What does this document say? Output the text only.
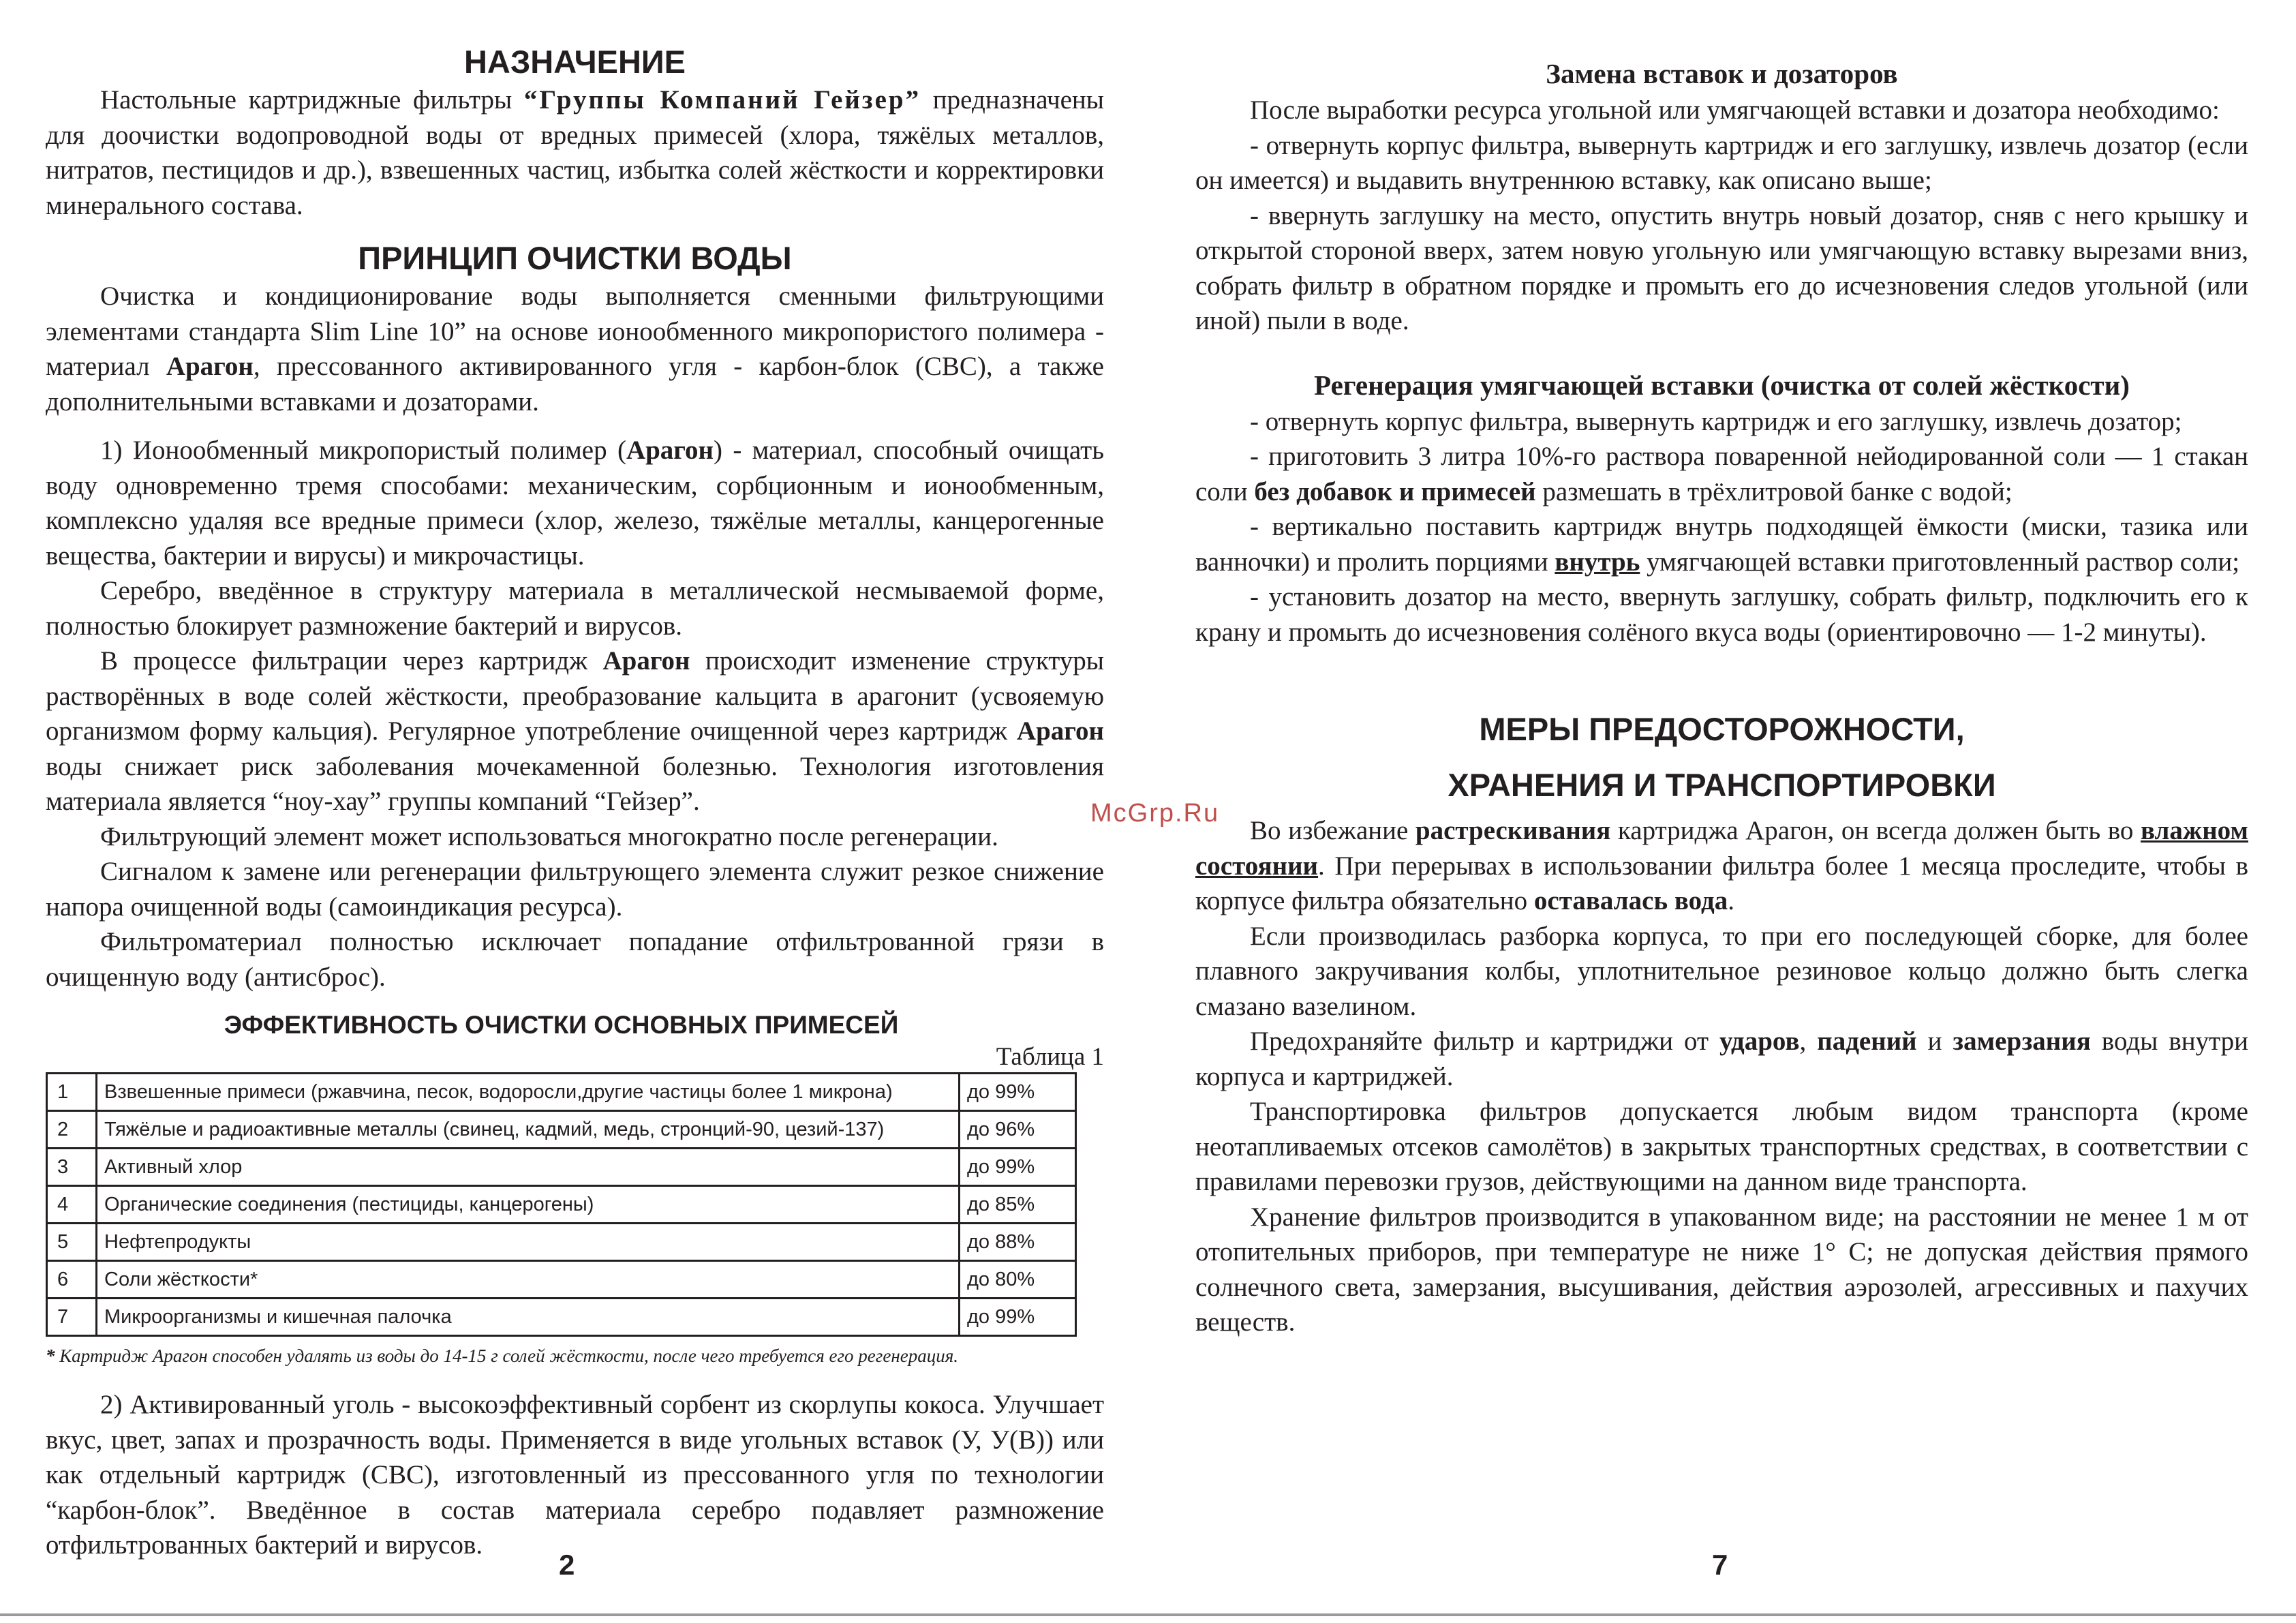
НАЗНАЧЕНИЕ

Настольные картриджные фильтры “Группы Компаний Гейзер” предназначены для доочистки водопроводной воды от вредных примесей (хлора, тяжёлых металлов, нитратов, пестицидов и др.), взвешенных частиц, избытка солей жёсткости и корректировки минерального состава.

ПРИНЦИП ОЧИСТКИ ВОДЫ

Очистка и кондиционирование воды выполняется сменными фильтрующими элементами стандарта Slim Line 10” на основе ионообменного микропористого полимера - материал Арагон, прессованного активированного угля - карбон-блок (CBC), а также дополнительными вставками и дозаторами.

1) Ионообменный микропористый полимер (Арагон) - материал, способный очищать воду одновременно тремя способами: механическим, сорбционным и ионообменным, комплексно удаляя все вредные примеси (хлор, железо, тяжёлые металлы, канцерогенные вещества, бактерии и вирусы) и микрочастицы.

Серебро, введённое в структуру материала в металлической несмываемой форме, полностью блокирует размножение бактерий и вирусов.

В процессе фильтрации через картридж Арагон происходит изменение структуры растворённых в воде солей жёсткости, преобразование кальцита в арагонит (усвояемую организмом форму кальция). Регулярное употребление очищенной через картридж Арагон воды снижает риск заболевания мочекаменной болезнью. Технология изготовления материала является “ноу-хау” группы компаний “Гейзер”.

Фильтрующий элемент может использоваться многократно после регенерации.

Сигналом к замене или регенерации фильтрующего элемента служит резкое снижение напора очищенной воды (самоиндикация ресурса).

Фильтроматериал полностью исключает попадание отфильтрованной грязи в очищенную воду (антисброс).

ЭФФЕКТИВНОСТЬ ОЧИСТКИ ОСНОВНЫХ ПРИМЕСЕЙ
Таблица 1
1	Взвешенные примеси (ржавчина, песок, водоросли,другие частицы более 1 микрона)	до 99%
2	Тяжёлые и радиоактивные металлы (свинец, кадмий, медь, стронций-90, цезий-137)	до 96%
3	Активный хлор	до 99%
4	Органические соединения (пестициды, канцерогены)	до 85%
5	Нефтепродукты	до 88%
6	Соли жёсткости*	до 80%
7	Микроорганизмы и кишечная палочка	до 99%

* Картридж Арагон способен удалять из воды до 14-15 г солей жёсткости, после чего требуется его регенерация.

2) Активированный уголь - высокоэффективный сорбент из скорлупы кокоса. Улучшает вкус, цвет, запах и прозрачность воды. Применяется в виде угольных вставок (У, У(В)) или как отдельный картридж (CBC), изготовленный из прессованного угля по технологии “карбон-блок”. Введённое в состав материала серебро подавляет размножение отфильтрованных бактерий и вирусов.

2
Замена вставок и дозаторов

После выработки ресурса угольной или умягчающей вставки и дозатора необходимо:

- отвернуть корпус фильтра, вывернуть картридж и его заглушку, извлечь дозатор (если он имеется) и выдавить внутреннюю вставку, как описано выше;

- ввернуть заглушку на место, опустить внутрь новый дозатор, сняв с него крышку и открытой стороной вверх, затем новую угольную или умягчающую вставку вырезами вниз, собрать фильтр в обратном порядке и промыть его до исчезновения следов угольной (или иной) пыли в воде.

Регенерация умягчающей вставки (очистка от солей жёсткости)

- отвернуть корпус фильтра, вывернуть картридж и его заглушку, извлечь дозатор;

- приготовить 3 литра 10%-го раствора поваренной нейодированной соли — 1 стакан соли без добавок и примесей размешать в трёхлитровой банке с водой;

- вертикально поставить картридж внутрь подходящей ёмкости (миски, тазика или ванночки) и пролить порциями внутрь умягчающей вставки приготовленный раствор соли;

- установить дозатор на место, ввернуть заглушку, собрать фильтр, подключить его к крану и промыть до исчезновения солёного вкуса воды (ориентировочно — 1-2 минуты).

МЕРЫ ПРЕДОСТОРОЖНОСТИ,
ХРАНЕНИЯ И ТРАНСПОРТИРОВКИ

Во избежание растрескивания картриджа Арагон, он всегда должен быть во влажном состоянии. При перерывах в использовании фильтра более 1 месяца проследите, чтобы в корпусе фильтра обязательно оставалась вода.

Если производилась разборка корпуса, то при его последующей сборке, для более плавного закручивания колбы, уплотнительное резиновое кольцо должно быть слегка смазано вазелином.

Предохраняйте фильтр и картриджи от ударов, падений и замерзания воды внутри корпуса и картриджей.

Транспортировка фильтров допускается любым видом транспорта (кроме неотапливаемых отсеков самолётов) в закрытых транспортных средствах, в соответствии с правилами перевозки грузов, действующими на данном виде транспорта.

Хранение фильтров производится в упакованном виде; на расстоянии не менее 1 м от отопительных приборов, при температуре не ниже 1° С; не допуская действия прямого солнечного света, замерзания, высушивания, действия аэрозолей, агрессивных и пахучих веществ.

7
McGrp.Ru
